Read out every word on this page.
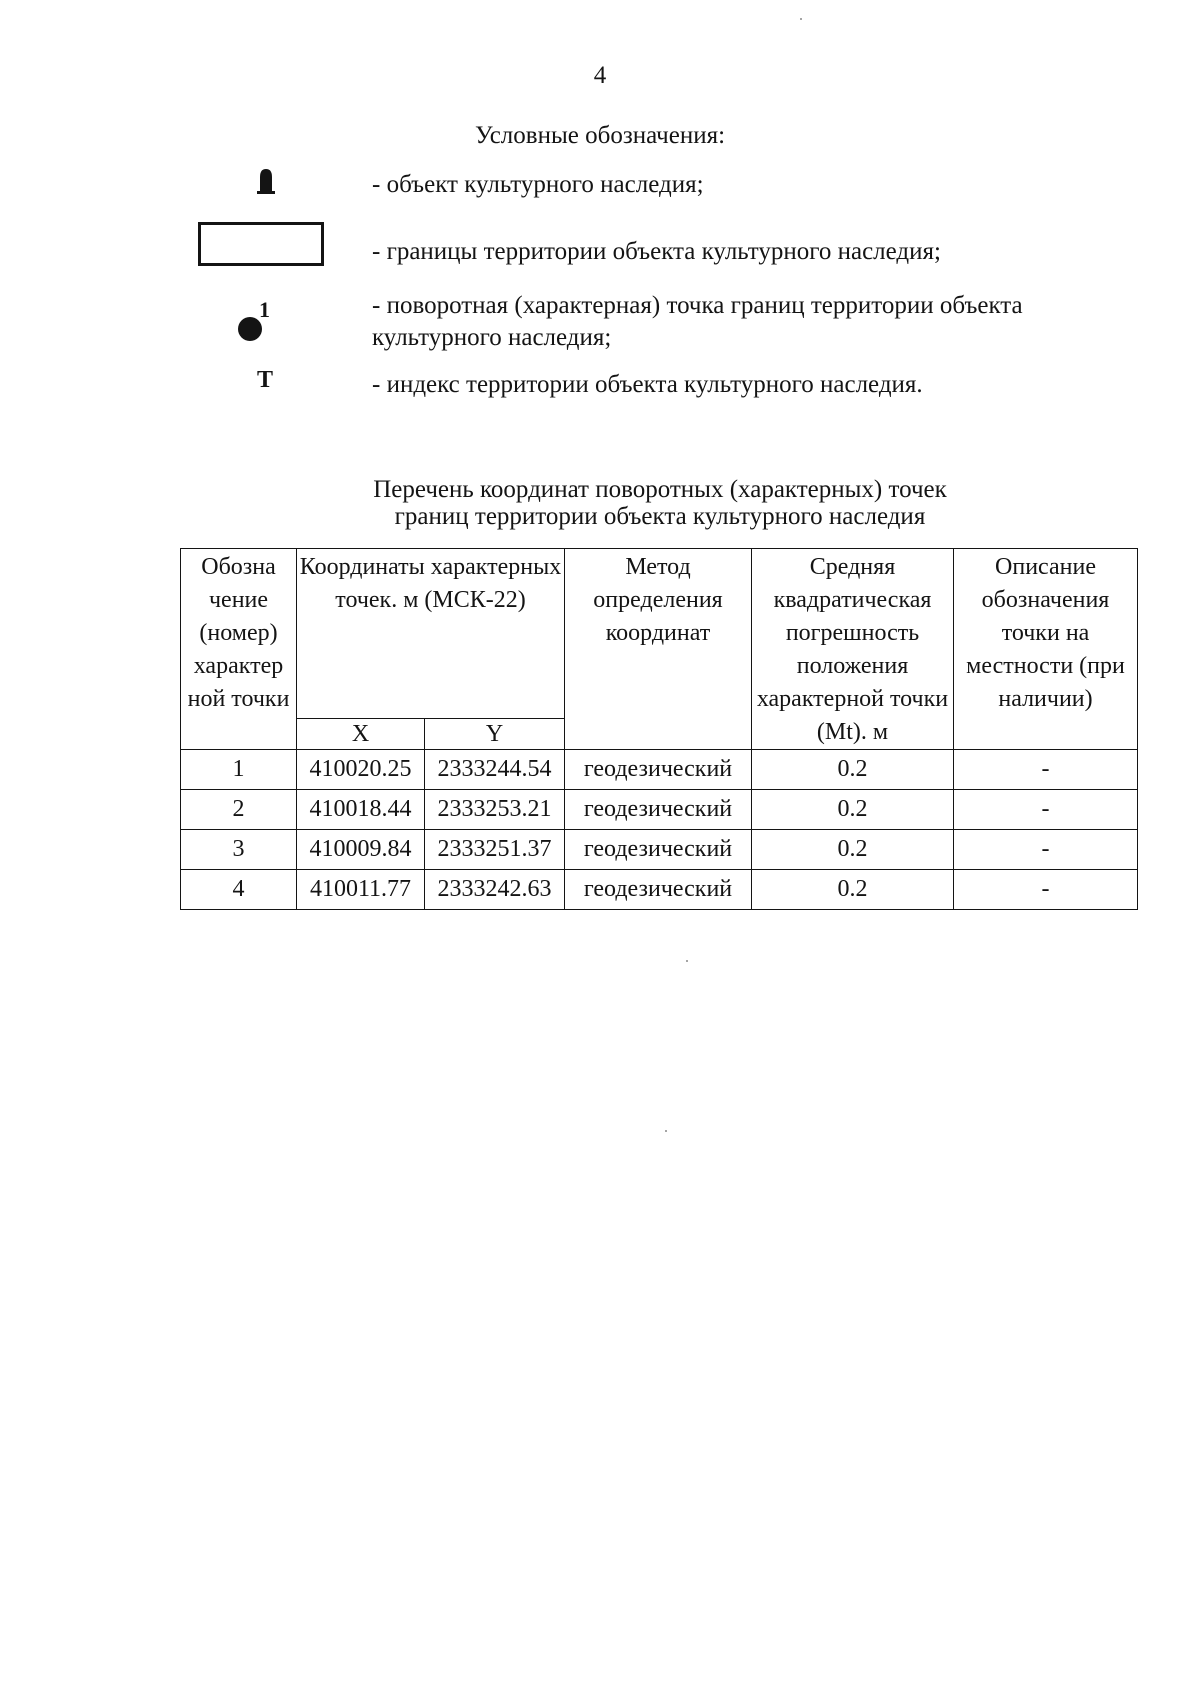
4
Условные обозначения:
- объект культурного наследия;
- границы территории объекта культурного наследия;
1	- поворотная (характерная) точка границ территории объекта культурного наследия;
Т	- индекс территории объекта культурного наследия.
Перечень координат поворотных (характерных) точек
границ территории объекта культурного наследия
Обозна чение (номер) характер ной точки	Координаты характерных точек. м (МСК-22)		Метод определения координат	Средняя квадратическая погрешность положения характерной точки (Mt). м	Описание обозначения точки на местности (при наличии)
	X	Y			
1	410020.25	2333244.54	геодезический	0.2	-
2	410018.44	2333253.21	геодезический	0.2	-
3	410009.84	2333251.37	геодезический	0.2	-
4	410011.77	2333242.63	геодезический	0.2	-
